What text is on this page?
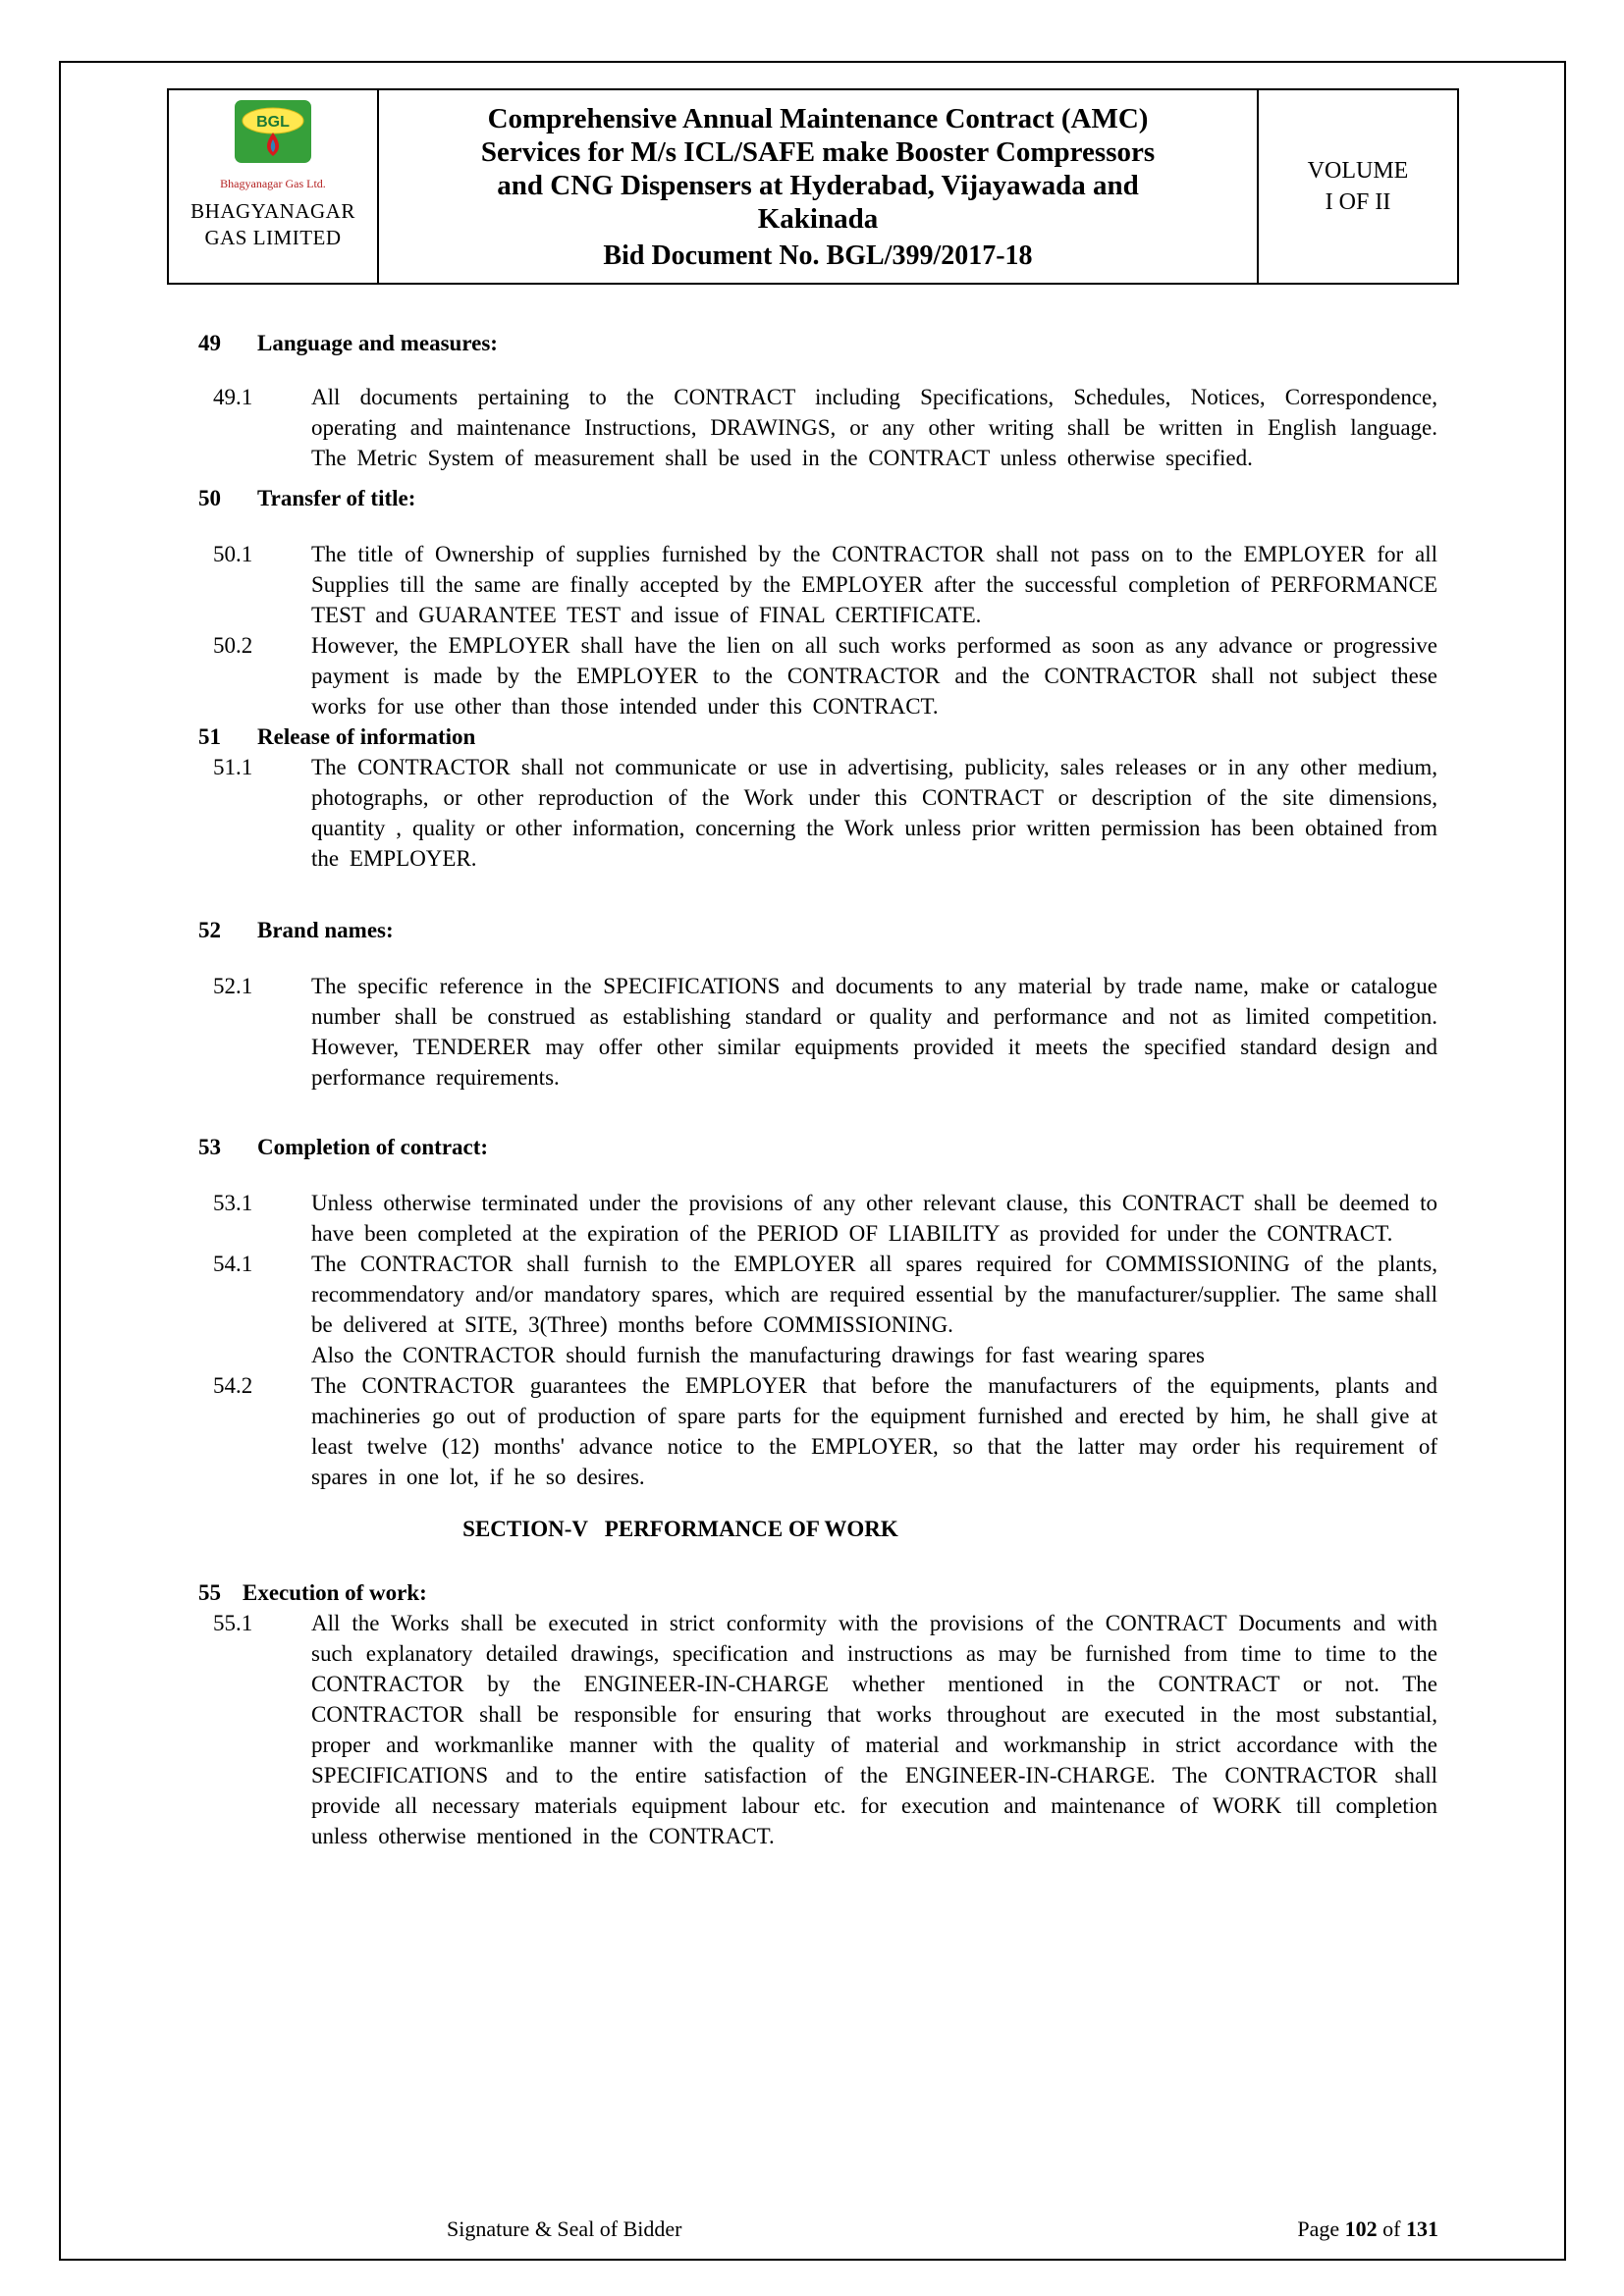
BGL
Bhagyanagar Gas Ltd.
BHAGYANAGAR
GAS LIMITED
Comprehensive Annual Maintenance Contract (AMC)
Services for M/s ICL/SAFE make Booster Compressors
and CNG Dispensers at Hyderabad, Vijayawada and
Kakinada
Bid Document No. BGL/399/2017-18
VOLUME
I OF II
49	Language and measures:
49.1	All documents pertaining to the CONTRACT including Specifications, Schedules, Notices, Correspondence, operating and maintenance Instructions, DRAWINGS, or any other writing shall be written in English language. The Metric System of measurement shall be used in the CONTRACT unless otherwise specified.
50	Transfer of title:
50.1	The title of Ownership of supplies furnished by the CONTRACTOR shall not pass on to the EMPLOYER for all Supplies till the same are finally accepted by the EMPLOYER after the successful completion of PERFORMANCE TEST and GUARANTEE TEST and issue of FINAL CERTIFICATE.
50.2	However, the EMPLOYER shall have the lien on all such works performed as soon as any advance or progressive payment is made by the EMPLOYER to the CONTRACTOR and the CONTRACTOR shall not subject these works for use other than those intended under this CONTRACT.
51	Release of information
51.1	The CONTRACTOR shall not communicate or use in advertising, publicity, sales releases or in any other medium, photographs, or other reproduction of the Work under this CONTRACT or description of the site dimensions, quantity , quality or other information, concerning the Work unless prior written permission has been obtained from the EMPLOYER.
52	Brand names:
52.1	The specific reference in the SPECIFICATIONS and documents to any material by trade name, make or catalogue number shall be construed as establishing standard or quality and performance and not as limited competition. However, TENDERER may offer other similar equipments provided it meets the specified standard design and performance requirements.
53	Completion of contract:
53.1	Unless otherwise terminated under the provisions of any other relevant clause, this CONTRACT shall be deemed to have been completed at the expiration of the PERIOD OF LIABILITY as provided for under the CONTRACT.
54.1	The CONTRACTOR shall furnish to the EMPLOYER all spares required for COMMISSIONING of the plants, recommendatory and/or mandatory spares, which are required essential by the manufacturer/supplier. The same shall be delivered at SITE, 3(Three) months before COMMISSIONING.
Also the CONTRACTOR should furnish the manufacturing drawings for fast wearing spares
54.2	The CONTRACTOR guarantees the EMPLOYER that before the manufacturers of the equipments, plants and machineries go out of production of spare parts for the equipment furnished and erected by him, he shall give at least twelve (12) months' advance notice to the EMPLOYER, so that the latter may order his requirement of spares in one lot, if he so desires.
SECTION-V   PERFORMANCE OF WORK
55 Execution of work:
55.1	All the Works shall be executed in strict conformity with the provisions of the CONTRACT Documents and with such explanatory detailed drawings, specification and instructions as may be furnished from time to time to the CONTRACTOR by the ENGINEER-IN-CHARGE whether mentioned in the CONTRACT or not. The CONTRACTOR shall be responsible for ensuring that works throughout are executed in the most substantial, proper and workmanlike manner with the quality of material and workmanship in strict accordance with the SPECIFICATIONS and to the entire satisfaction of the ENGINEER-IN-CHARGE. The CONTRACTOR shall provide all necessary materials equipment labour etc. for execution and maintenance of WORK till completion unless otherwise mentioned in the CONTRACT.
Signature & Seal of Bidder	Page 102 of 131
